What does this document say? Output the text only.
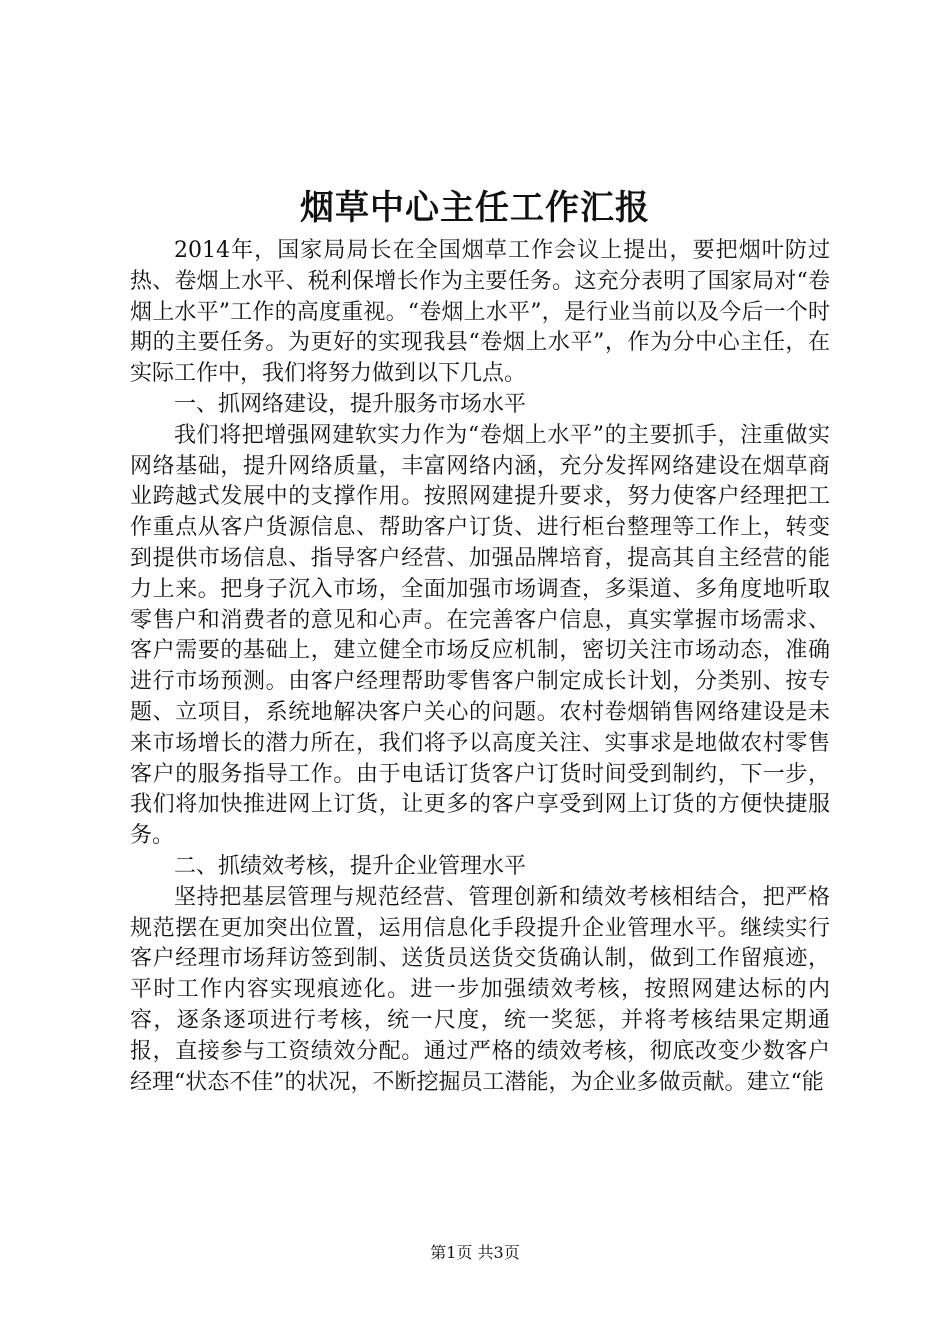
烟草中心主任工作汇报

2014年，国家局局长在全国烟草工作会议上提出，要把烟叶防过热、卷烟上水平、税利保增长作为主要任务。这充分表明了国家局对“卷烟上水平”工作的高度重视。“卷烟上水平”，是行业当前以及今后一个时期的主要任务。为更好的实现我县“卷烟上水平”，作为分中心主任，在实际工作中，我们将努力做到以下几点。

一、抓网络建设，提升服务市场水平

我们将把增强网建软实力作为“卷烟上水平”的主要抓手，注重做实网络基础，提升网络质量，丰富网络内涵，充分发挥网络建设在烟草商业跨越式发展中的支撑作用。按照网建提升要求，努力使客户经理把工作重点从客户货源信息、帮助客户订货、进行柜台整理等工作上，转变到提供市场信息、指导客户经营、加强品牌培育，提高其自主经营的能力上来。把身子沉入市场，全面加强市场调查，多渠道、多角度地听取零售户和消费者的意见和心声。在完善客户信息，真实掌握市场需求、客户需要的基础上，建立健全市场反应机制，密切关注市场动态，准确进行市场预测。由客户经理帮助零售客户制定成长计划，分类别、按专题、立项目，系统地解决客户关心的问题。农村卷烟销售网络建设是未来市场增长的潜力所在，我们将予以高度关注、实事求是地做农村零售客户的服务指导工作。由于电话订货客户订货时间受到制约，下一步，我们将加快推进网上订货，让更多的客户享受到网上订货的方便快捷服务。

二、抓绩效考核，提升企业管理水平

坚持把基层管理与规范经营、管理创新和绩效考核相结合，把严格规范摆在更加突出位置，运用信息化手段提升企业管理水平。继续实行客户经理市场拜访签到制、送货员送货交货确认制，做到工作留痕迹，平时工作内容实现痕迹化。进一步加强绩效考核，按照网建达标的内容，逐条逐项进行考核，统一尺度，统一奖惩，并将考核结果定期通报，直接参与工资绩效分配。通过严格的绩效考核，彻底改变少数客户经理“状态不佳”的状况，不断挖掘员工潜能，为企业多做贡献。建立“能

第1页 共3页
